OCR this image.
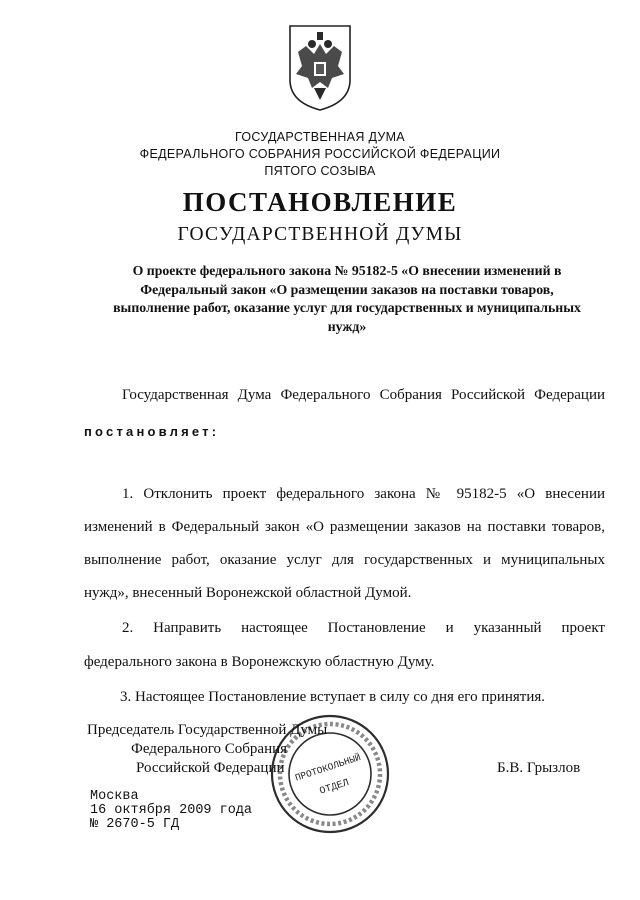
ГОСУДАРСТВЕННАЯ ДУМА
ФЕДЕРАЛЬНОГО СОБРАНИЯ РОССИЙСКОЙ ФЕДЕРАЦИИ
ПЯТОГО СОЗЫВА
ПОСТАНОВЛЕНИЕ
ГОСУДАРСТВЕННОЙ ДУМЫ
О проекте федерального закона № 95182-5 «О внесении изменений в
Федеральный закон «О размещении заказов на поставки товаров,
выполнение работ, оказание услуг для государственных и муниципальных
нужд»
Государственная Дума Федерального Собрания Российской Федерации
постановляет:
1. Отклонить проект федерального закона № 95182-5 «О внесении
изменений в Федеральный закон «О размещении заказов на поставки товаров,
выполнение работ, оказание услуг для государственных и муниципальных
нужд», внесенный Воронежской областной Думой.
2. Направить настоящее Постановление и указанный проект
федерального закона в Воронежскую областную Думу.
3. Настоящее Постановление вступает в силу со дня его принятия.
ПРОТОКОЛЬНЫЙ
ОТДЕЛ
Председатель Государственной Думы
Федерального Собрания
Российской Федерации	Б.В. Грызлов
Москва
16 октября 2009 года
№ 2670-5 ГД
